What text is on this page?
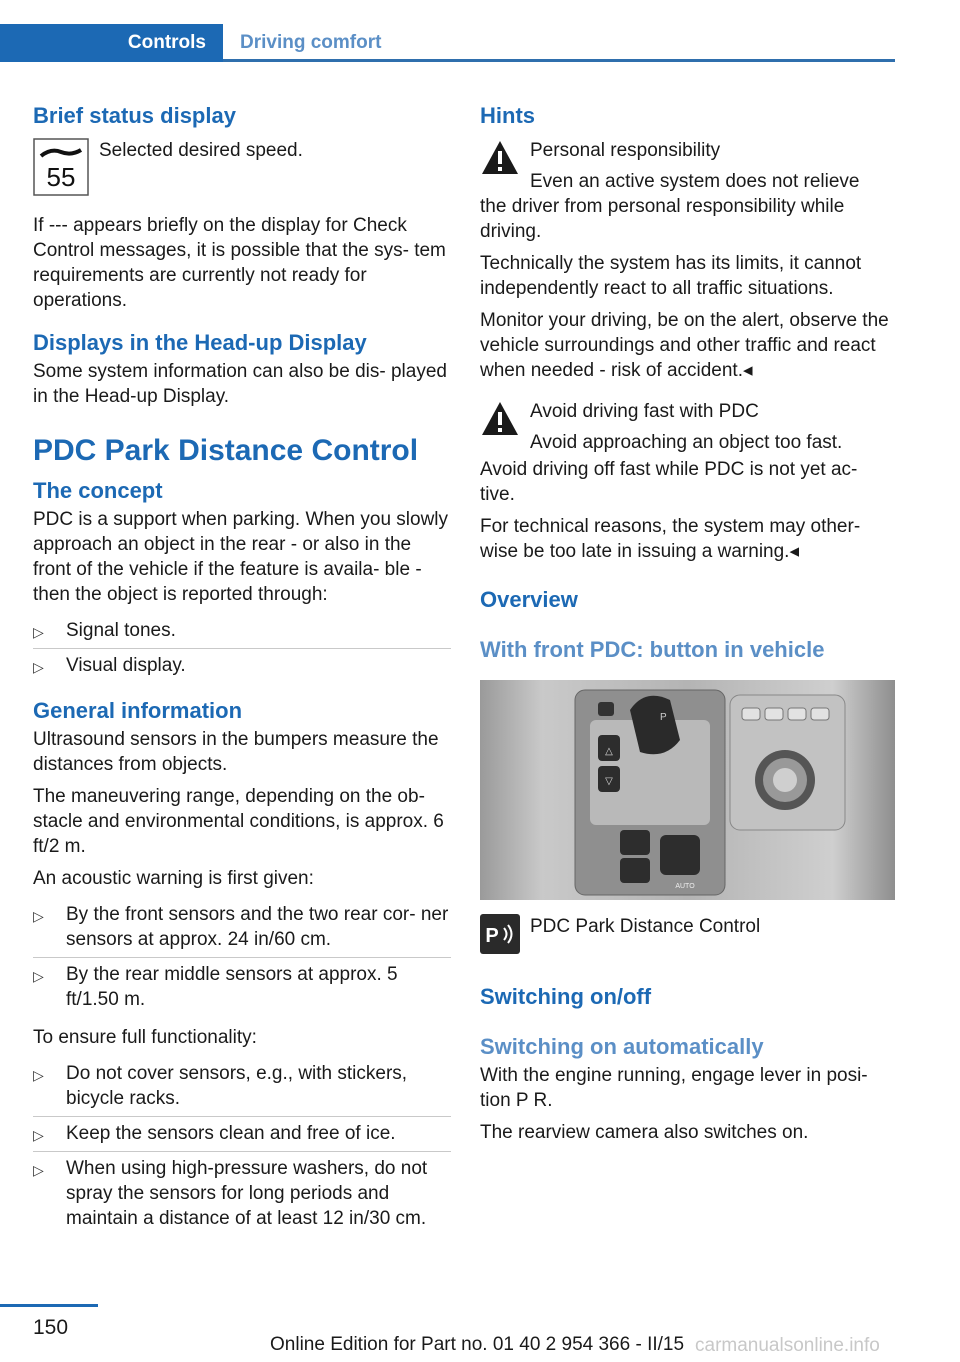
Controls	Driving comfort
Brief status display
55

Selected desired speed.

If --- appears briefly on the display for Check Control messages, it is possible that the sys‐ tem requirements are currently not ready for operations.

Displays in the Head-up Display

Some system information can also be dis‐ played in the Head-up Display.

PDC Park Distance Control
The concept

PDC is a support when parking. When you slowly approach an object in the rear - or also in the front of the vehicle if the feature is availa‐ ble - then the object is reported through:

▷ Signal tones.
▷ Visual display.
General information

Ultrasound sensors in the bumpers measure the distances from objects.

The maneuvering range, depending on the ob‐ stacle and environmental conditions, is approx. 6 ft/2 m.

An acoustic warning is first given:

▷ By the front sensors and the two rear cor‐ ner sensors at approx. 24 in/60 cm.
▷ By the rear middle sensors at approx. 5 ft/1.50 m.

To ensure full functionality:

▷ Do not cover sensors, e.g., with stickers, bicycle racks.
▷ Keep the sensors clean and free of ice.
▷ When using high-pressure washers, do not spray the sensors for long periods and maintain a distance of at least 12 in/30 cm.
Hints

Personal responsibility

Even an active system does not relieve

the driver from personal responsibility while driving.

Technically the system has its limits, it cannot independently react to all traffic situations.

Monitor your driving, be on the alert, observe the vehicle surroundings and other traffic and react when needed - risk of accident.◂

Avoid driving fast with PDC

Avoid approaching an object too fast.

Avoid driving off fast while PDC is not yet ac‐ tive.

For technical reasons, the system may other‐ wise be too late in issuing a warning.◂

Overview
With front PDC: button in vehicle
△
▽
P
AUTO
P PDC Park Distance Control

Switching on/off
Switching on automatically

With the engine running, engage lever in posi‐ tion P R.

The rearview camera also switches on.

150
Online Edition for Part no. 01 40 2 954 366 - II/15 carmanualsonline.info
